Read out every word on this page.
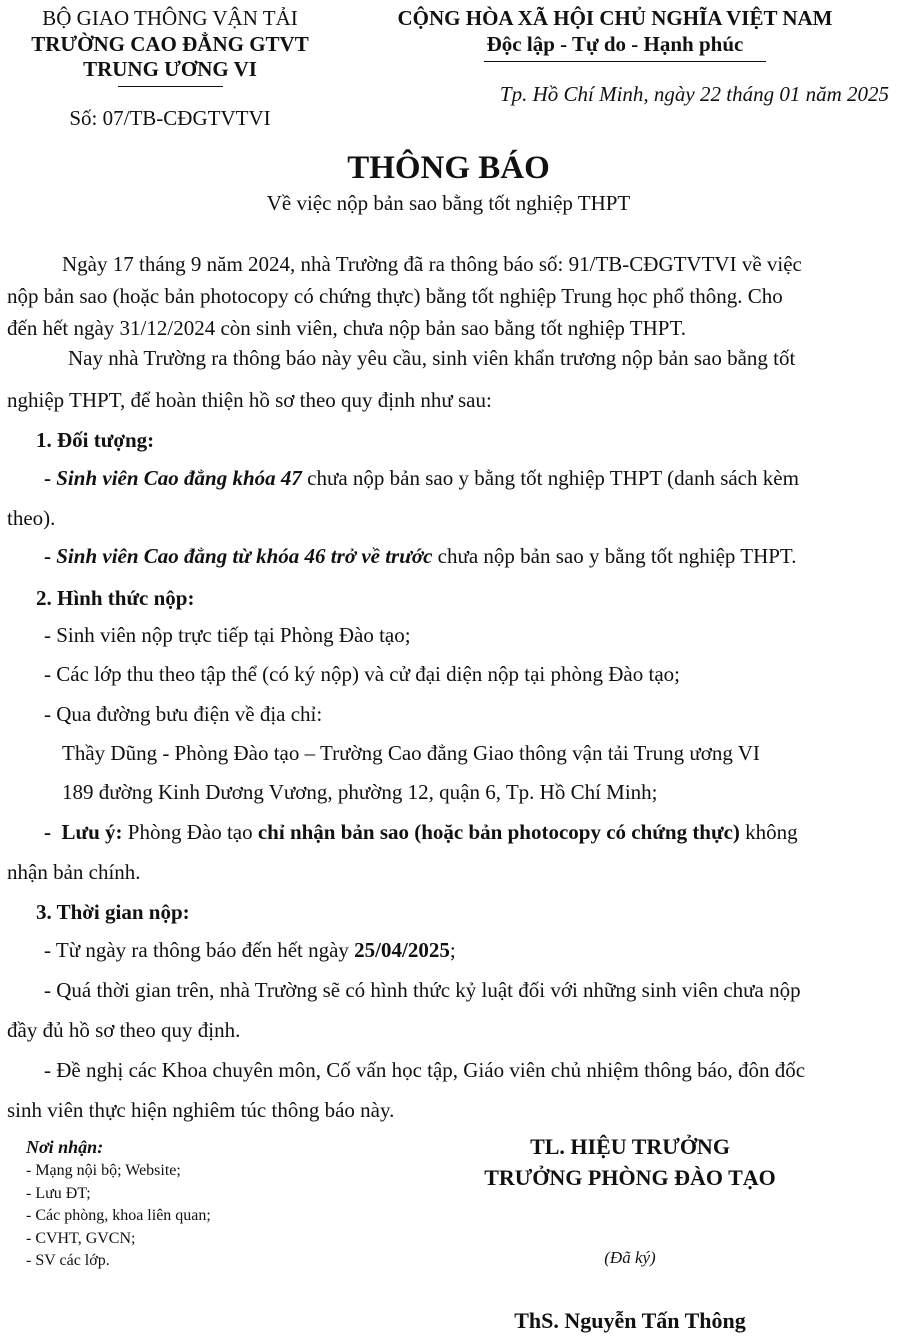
BỘ GIAO THÔNG VẬN TẢI
TRƯỜNG CAO ĐẲNG GTVT
TRUNG ƯƠNG VI
Số: 07/TB-CĐGTVTVI
CỘNG HÒA XÃ HỘI CHỦ NGHĨA VIỆT NAM
Độc lập - Tự do - Hạnh phúc
Tp. Hồ Chí Minh, ngày 22 tháng 01 năm 2025
THÔNG BÁO
Về việc nộp bản sao bằng tốt nghiệp THPT
Ngày 17 tháng 9 năm 2024, nhà Trường đã ra thông báo số: 91/TB-CĐGTVTVI về việc
nộp bản sao (hoặc bản photocopy có chứng thực) bằng tốt nghiệp Trung học phổ thông. Cho
đến hết ngày 31/12/2024 còn sinh viên, chưa nộp bản sao bằng tốt nghiệp THPT.
Nay nhà Trường ra thông báo này yêu cầu, sinh viên khẩn trương nộp bản sao bằng tốt
nghiệp THPT, để hoàn thiện hồ sơ theo quy định như sau:
1. Đối tượng:
- Sinh viên Cao đẳng khóa 47 chưa nộp bản sao y bằng tốt nghiệp THPT (danh sách kèm
theo).
- Sinh viên Cao đẳng từ khóa 46 trở về trước chưa nộp bản sao y bằng tốt nghiệp THPT.
2. Hình thức nộp:
- Sinh viên nộp trực tiếp tại Phòng Đào tạo;
- Các lớp thu theo tập thể (có ký nộp) và cử đại diện nộp tại phòng Đào tạo;
- Qua đường bưu điện về địa chỉ:
Thầy Dũng - Phòng Đào tạo – Trường Cao đẳng Giao thông vận tải Trung ương VI
189 đường Kinh Dương Vương, phường 12, quận 6, Tp. Hồ Chí Minh;
-  Lưu ý: Phòng Đào tạo chỉ nhận bản sao (hoặc bản photocopy có chứng thực) không
nhận bản chính.
3. Thời gian nộp:
- Từ ngày ra thông báo đến hết ngày 25/04/2025;
- Quá thời gian trên, nhà Trường sẽ có hình thức kỷ luật đối với những sinh viên chưa nộp
đầy đủ hồ sơ theo quy định.
- Đề nghị các Khoa chuyên môn, Cố vấn học tập, Giáo viên chủ nhiệm thông báo, đôn đốc
sinh viên thực hiện nghiêm túc thông báo này.
Nơi nhận:
- Mạng nội bộ; Website;
- Lưu ĐT;
- Các phòng, khoa liên quan;
- CVHT, GVCN;
- SV các lớp.
TL. HIỆU TRƯỞNG
TRƯỞNG PHÒNG ĐÀO TẠO
(Đã ký)
ThS. Nguyễn Tấn Thông
